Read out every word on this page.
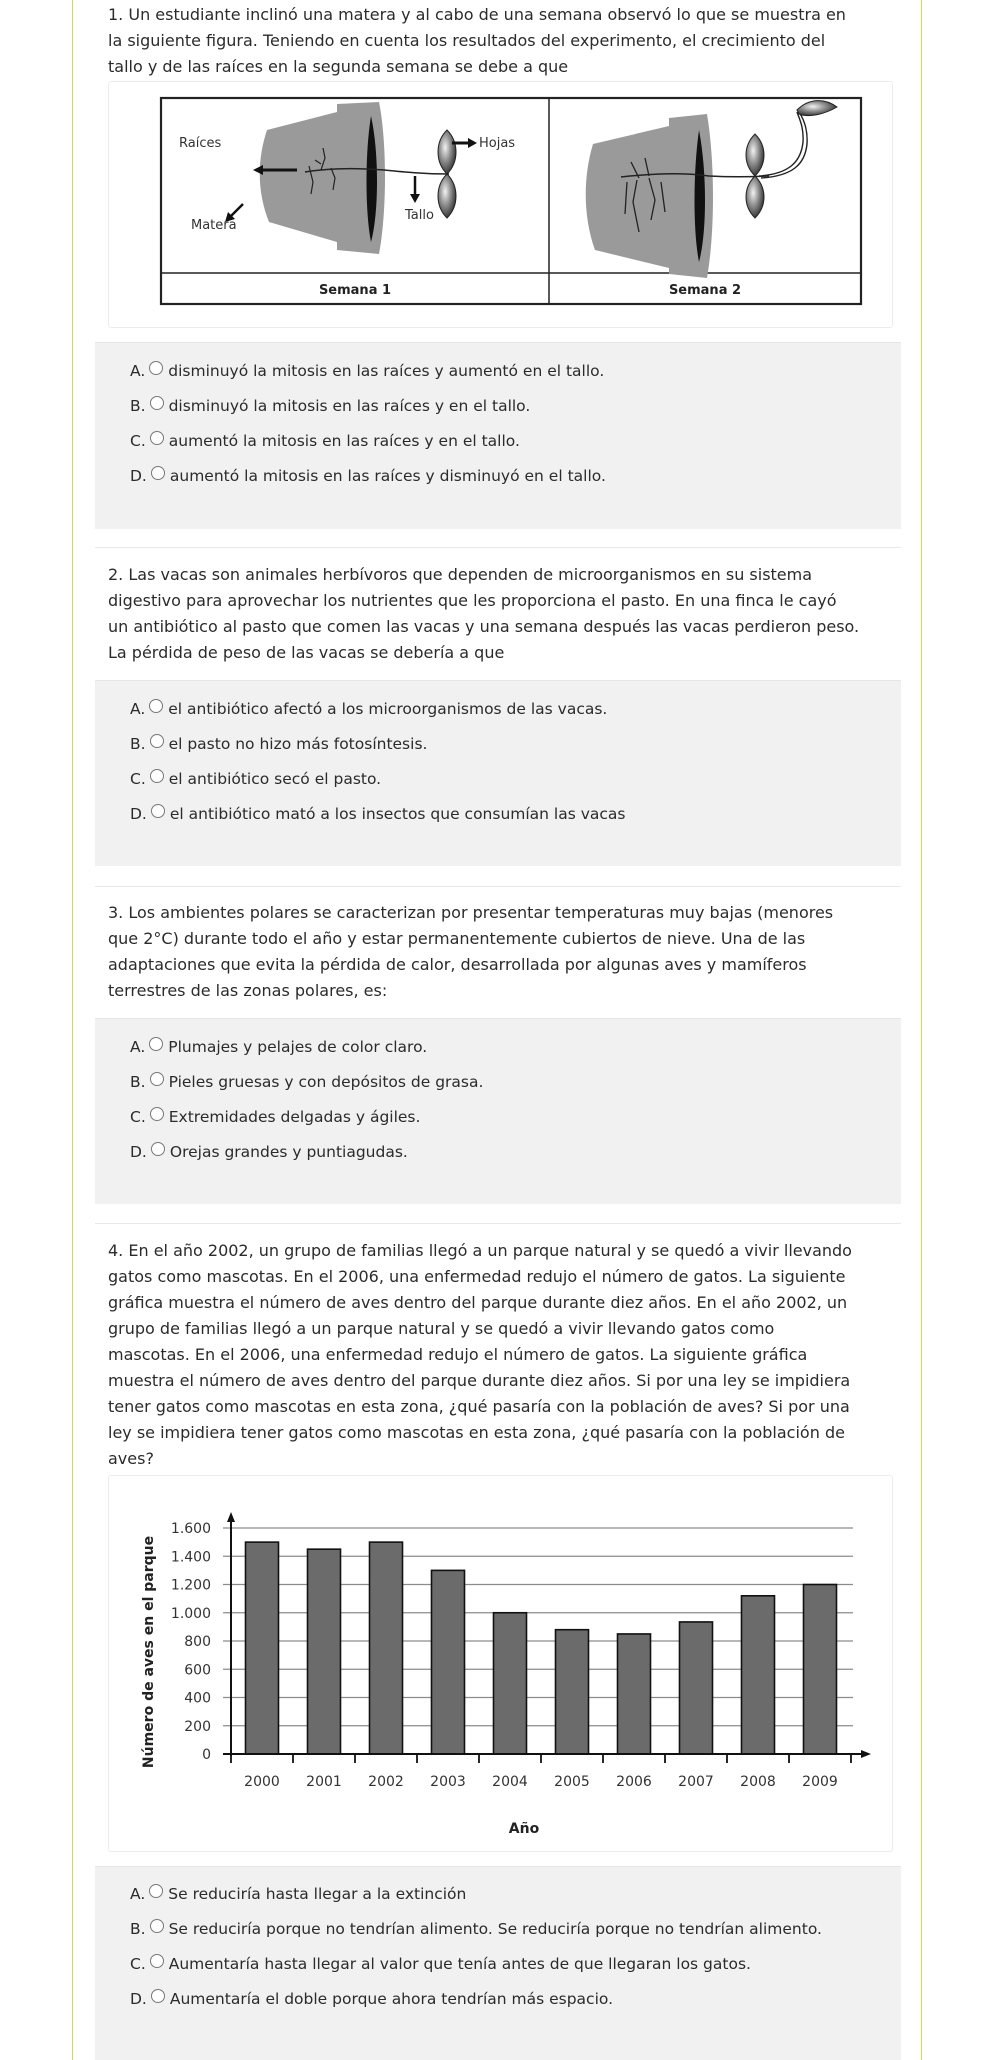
1. Un estudiante inclinó una matera y al cabo de una semana observó lo que se muestra en
la siguiente figura. Teniendo en cuenta los resultados del experimento, el crecimiento del
tallo y de las raíces en la segunda semana se debe a que
Raíces	Hojas
Tallo
Matera
Semana 1	Semana 2
A. disminuyó la mitosis en las raíces y aumentó en el tallo.
B. disminuyó la mitosis en las raíces y en el tallo.
C. aumentó la mitosis en las raíces y en el tallo.
D. aumentó la mitosis en las raíces y disminuyó en el tallo.
2. Las vacas son animales herbívoros que dependen de microorganismos en su sistema
digestivo para aprovechar los nutrientes que les proporciona el pasto. En una finca le cayó
un antibiótico al pasto que comen las vacas y una semana después las vacas perdieron peso.
La pérdida de peso de las vacas se debería a que
A. el antibiótico afectó a los microorganismos de las vacas.
B. el pasto no hizo más fotosíntesis.
C. el antibiótico secó el pasto.
D. el antibiótico mató a los insectos que consumían las vacas
3. Los ambientes polares se caracterizan por presentar temperaturas muy bajas (menores
que 2°C) durante todo el año y estar permanentemente cubiertos de nieve. Una de las
adaptaciones que evita la pérdida de calor, desarrollada por algunas aves y mamíferos
terrestres de las zonas polares, es:
A. Plumajes y pelajes de color claro.
B. Pieles gruesas y con depósitos de grasa.
C. Extremidades delgadas y ágiles.
D. Orejas grandes y puntiagudas.
4. En el año 2002, un grupo de familias llegó a un parque natural y se quedó a vivir llevando
gatos como mascotas. En el 2006, una enfermedad redujo el número de gatos. La siguiente
gráfica muestra el número de aves dentro del parque durante diez años. En el año 2002, un
grupo de familias llegó a un parque natural y se quedó a vivir llevando gatos como
mascotas. En el 2006, una enfermedad redujo el número de gatos. La siguiente gráfica
muestra el número de aves dentro del parque durante diez años. Si por una ley se impidiera
tener gatos como mascotas en esta zona, ¿qué pasaría con la población de aves? Si por una
ley se impidiera tener gatos como mascotas en esta zona, ¿qué pasaría con la población de
aves?
0
200
400
600
800
1.000
1.200
1.400
1.600
2000 2001 2002 2003 2004 2005 2006 2007 2008 2009
Número de aves en el parque
Año
A. Se reduciría hasta llegar a la extinción
B. Se reduciría porque no tendrían alimento. Se reduciría porque no tendrían alimento.
C. Aumentaría hasta llegar al valor que tenía antes de que llegaran los gatos.
D. Aumentaría el doble porque ahora tendrían más espacio.
